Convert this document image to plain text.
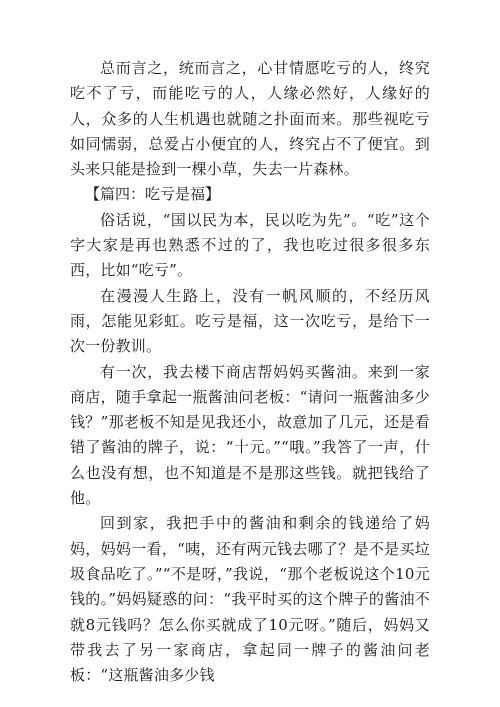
总而言之，统而言之，心甘情愿吃亏的人，终究吃不了亏，而能吃亏的人，人缘必然好，人缘好的人，众多的人生机遇也就随之扑面而来。那些视吃亏如同懦弱，总爱占小便宜的人，终究占不了便宜。到头来只能是捡到一棵小草，失去一片森林。

【篇四：吃亏是福】

俗话说，“国以民为本，民以吃为先”。“吃”这个字大家是再也熟悉不过的了，我也吃过很多很多东西，比如“吃亏”。

在漫漫人生路上，没有一帆风顺的，不经历风雨，怎能见彩虹。吃亏是福，这一次吃亏，是给下一次一份教训。

有一次，我去楼下商店帮妈妈买酱油。来到一家商店，随手拿起一瓶酱油问老板：“请问一瓶酱油多少钱？”那老板不知是见我还小，故意加了几元，还是看错了酱油的牌子，说：“十元。”“哦。”我答了一声，什么也没有想，也不知道是不是那这些钱。就把钱给了他。

回到家，我把手中的酱油和剩余的钱递给了妈妈，妈妈一看，“咦，还有两元钱去哪了？是不是买垃圾食品吃了。”“不是呀，”我说，“那个老板说这个10元钱的。”妈妈疑惑的问：“我平时买的这个牌子的酱油不就8元钱吗？怎么你买就成了10元呀。”随后，妈妈又带我去了另一家商店，拿起同一牌子的酱油问老板：“这瓶酱油多少钱
